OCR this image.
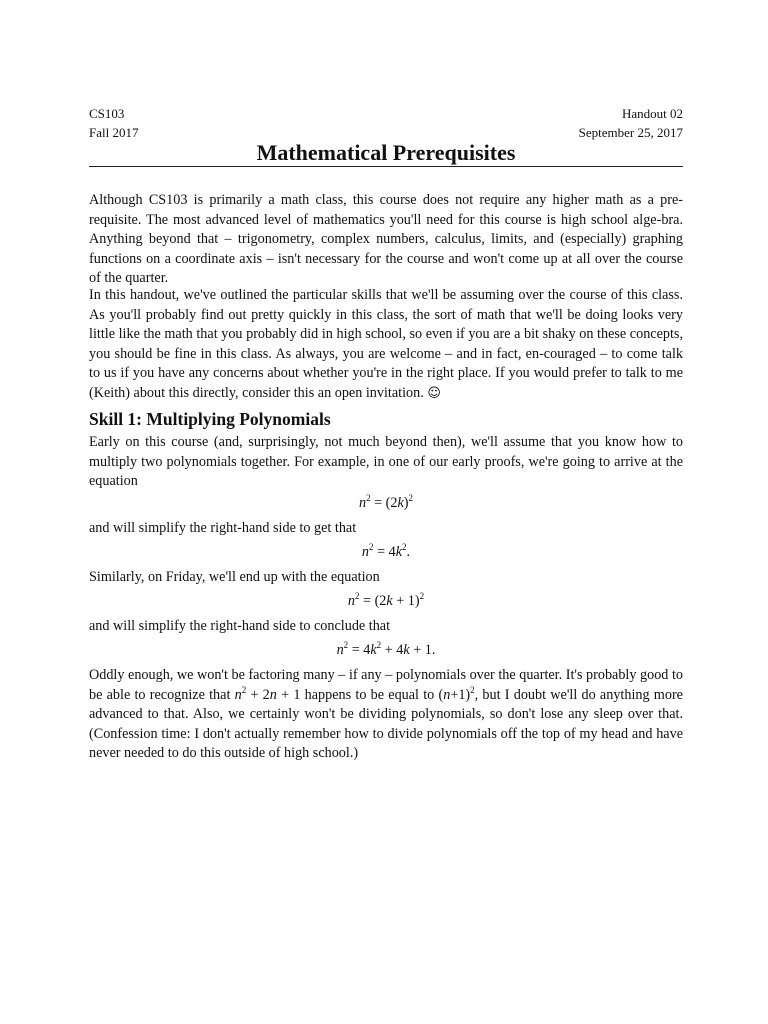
CS103	Handout 02
Fall 2017	September 25, 2017
Mathematical Prerequisites

Although CS103 is primarily a math class, this course does not require any higher math as a pre-requisite. The most advanced level of mathematics you'll need for this course is high school alge-bra. Anything beyond that – trigonometry, complex numbers, calculus, limits, and (especially) graphing functions on a coordinate axis – isn't necessary for the course and won't come up at all over the course of the quarter.

In this handout, we've outlined the particular skills that we'll be assuming over the course of this class. As you'll probably find out pretty quickly in this class, the sort of math that we'll be doing looks very little like the math that you probably did in high school, so even if you are a bit shaky on these concepts, you should be fine in this class. As always, you are welcome – and in fact, en-couraged – to come talk to us if you have any concerns about whether you're in the right place. If you would prefer to talk to me (Keith) about this directly, consider this an open invitation. ☺

Skill 1: Multiplying Polynomials

Early on this course (and, surprisingly, not much beyond then), we'll assume that you know how to multiply two polynomials together. For example, in one of our early proofs, we're going to arrive at the equation

$n^2 = (2k)^2$

and will simplify the right-hand side to get that

$n^2 = 4k^2$.

Similarly, on Friday, we'll end up with the equation

$n^2 = (2k + 1)^2$

and will simplify the right-hand side to conclude that

$n^2 = 4k^2 + 4k + 1$.

Oddly enough, we won't be factoring many – if any – polynomials over the quarter. It's probably good to be able to recognize that $n^2 + 2n + 1$ happens to be equal to $(n+1)^2$, but I doubt we'll do anything more advanced to that. Also, we certainly won't be dividing polynomials, so don't lose any sleep over that. (Confession time: I don't actually remember how to divide polynomials off the top of my head and have never needed to do this outside of high school.)
